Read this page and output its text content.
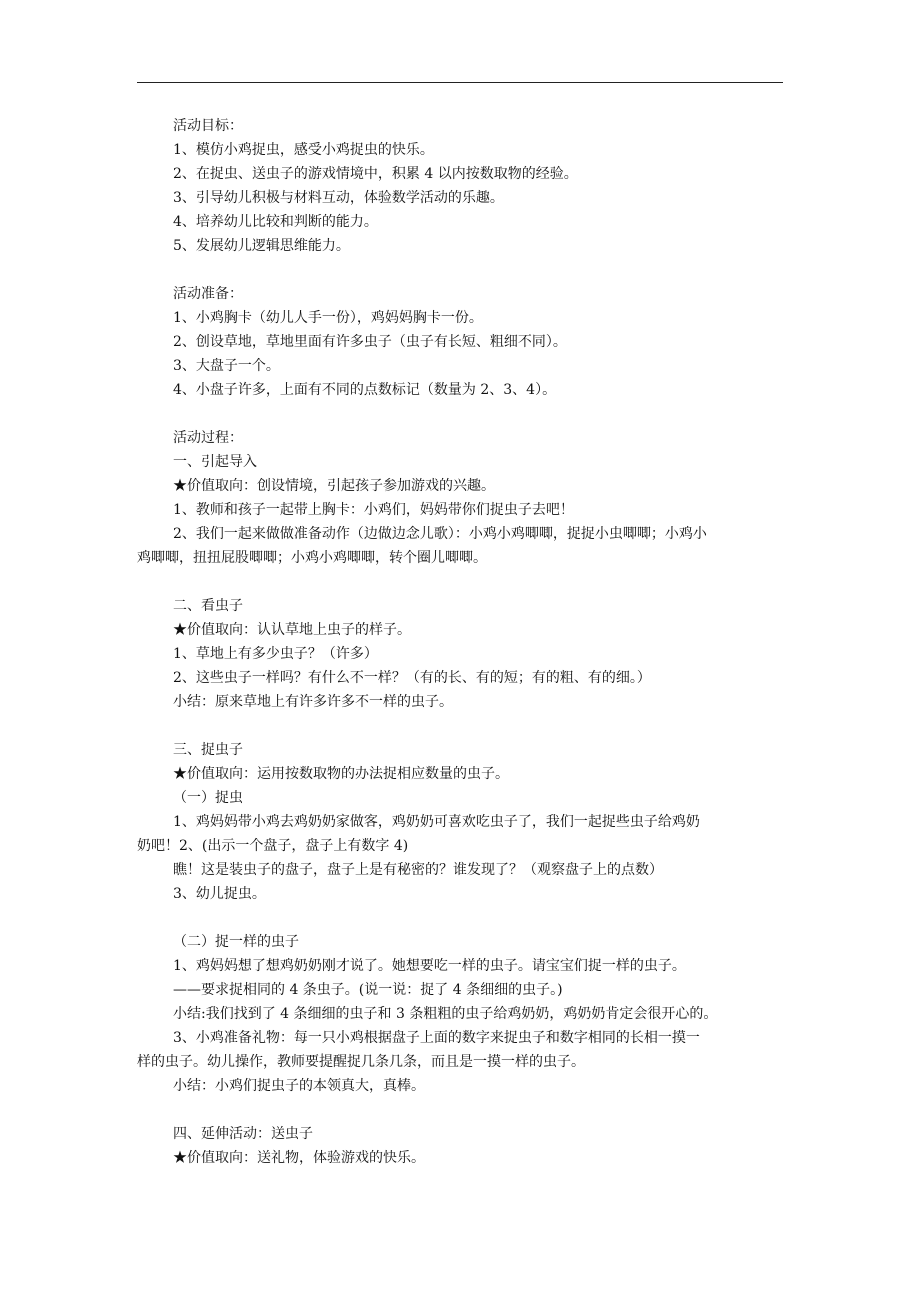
活动目标：

1、模仿小鸡捉虫，感受小鸡捉虫的快乐。

2、在捉虫、送虫子的游戏情境中，积累 4 以内按数取物的经验。

3、引导幼儿积极与材料互动，体验数学活动的乐趣。

4、培养幼儿比较和判断的能力。

5、发展幼儿逻辑思维能力。

活动准备：

1、小鸡胸卡（幼儿人手一份），鸡妈妈胸卡一份。

2、创设草地，草地里面有许多虫子（虫子有长短、粗细不同）。

3、大盘子一个。

4、小盘子许多，上面有不同的点数标记（数量为 2、3、4）。

活动过程：

一、引起导入

★价值取向：创设情境，引起孩子参加游戏的兴趣。

1、教师和孩子一起带上胸卡：小鸡们，妈妈带你们捉虫子去吧！

2、我们一起来做做准备动作（边做边念儿歌）：小鸡小鸡唧唧，捉捉小虫唧唧；小鸡小

鸡唧唧，扭扭屁股唧唧；小鸡小鸡唧唧，转个圈儿唧唧。

二、看虫子

★价值取向：认认草地上虫子的样子。

1、草地上有多少虫子？（许多）

2、这些虫子一样吗？有什么不一样？（有的长、有的短；有的粗、有的细。）

小结：原来草地上有许多许多不一样的虫子。

三、捉虫子

★价值取向：运用按数取物的办法捉相应数量的虫子。

（一）捉虫

1、鸡妈妈带小鸡去鸡奶奶家做客，鸡奶奶可喜欢吃虫子了，我们一起捉些虫子给鸡奶

奶吧！2、(出示一个盘子，盘子上有数字 4)

瞧！这是装虫子的盘子，盘子上是有秘密的？谁发现了？（观察盘子上的点数）

3、幼儿捉虫。

（二）捉一样的虫子

1、鸡妈妈想了想鸡奶奶刚才说了。她想要吃一样的虫子。请宝宝们捉一样的虫子。

——要求捉相同的 4 条虫子。(说一说：捉了 4 条细细的虫子。)

小结:我们找到了 4 条细细的虫子和 3 条粗粗的虫子给鸡奶奶，鸡奶奶肯定会很开心的。

3、小鸡准备礼物：每一只小鸡根据盘子上面的数字来捉虫子和数字相同的长相一摸一

样的虫子。幼儿操作，教师要提醒捉几条几条，而且是一摸一样的虫子。

小结：小鸡们捉虫子的本领真大，真棒。

四、延伸活动：送虫子

★价值取向：送礼物，体验游戏的快乐。
